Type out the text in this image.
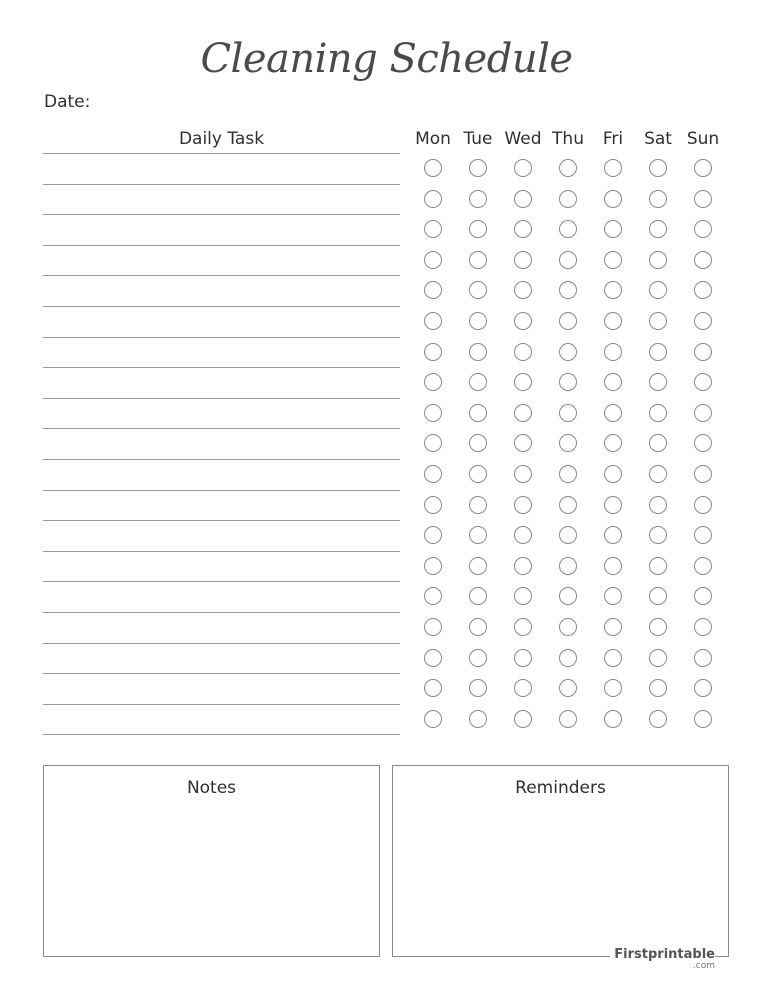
Cleaning Schedule
Date:
Daily Task	Mon Tue Wed Thu	Fri	Sat Sun
Notes	Reminders
Firstprintable
.com
